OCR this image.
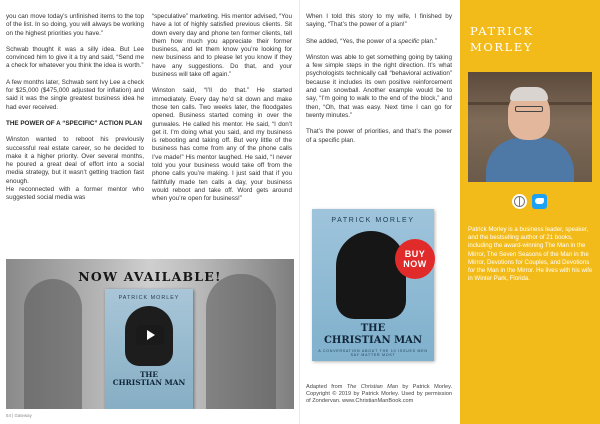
you can move today’s unfinished items to the top of the list. In so doing, you will always be working on the highest priorities you have.”

Schwab thought it was a silly idea. But Lee convinced him to give it a try and said, “Send me a check for whatever you think the idea is worth.”

A few months later, Schwab sent Ivy Lee a check for $25,000 ($475,000 adjusted for inflation) and said it was the single greatest business idea he had ever received.

THE POWER OF A “SPECIFIC” ACTION PLAN

Winston wanted to reboot his previously successful real estate career, so he decided to make it a higher priority. Over several months, he poured a great deal of effort into a social media strategy, but it wasn’t getting traction fast enough.

He reconnected with a former mentor who suggested social media was

“speculative” marketing. His mentor advised, “You have a lot of highly satisfied previous clients. Sit down every day and phone ten former clients, tell them how much you appreciate their former business, and let them know you’re looking for new business and to please let you know if they have any suggestions. Do that, and your business will take off again.”

Winston said, “I’ll do that.” He started immediately. Every day he’d sit down and make those ten calls. Two weeks later, the floodgates opened. Business started coming in over the gunwales. He called his mentor. He said, “I don’t get it. I’m doing what you said, and my business is rebooting and taking off. But very little of the business has come from any of the phone calls I’ve made!” His mentor laughed. He said, “I never told you your business would take off from the phone calls you’re making. I just said that if you faithfully made ten calls a day, your business would reboot and take off. Word gets around when you’re open for business!”

NOW AVAILABLE!
PATRICK MORLEY
THE
CHRISTIAN MAN
54 | Gateway

When I told this story to my wife, I finished by saying, “That’s the power of a plan!”

She added, “Yes, the power of a specific plan.”

Winston was able to get something going by taking a few simple steps in the right direction. It’s what psychologists technically call “behavioral activation” because it includes its own positive reinforcement and can snowball. Another example would be to say, “I’m going to walk to the end of the block,” and then, “Oh, that was easy. Next time I can go for twenty minutes.”

That’s the power of priorities, and that’s the power of a specific plan.

PATRICK MORLEY
THE
CHRISTIAN MAN
A CONVERSATION ABOUT THE 10 ISSUES MEN SAY MATTER MOST
BUY
NOW
Adapted from The Christian Man by Patrick Morley. Copyright © 2019 by Patrick Morley. Used by permission of Zondervan. www.ChristianManBook.com
PATRICK
MORLEY
Patrick Morley is a business leader, speaker, and the bestselling author of 21 books, including the award-winning The Man in the Mirror, The Seven Seasons of the Man in the Mirror, Devotions for Couples, and Devotions for the Man in the Mirror. He lives with his wife in Winter Park, Florida.
